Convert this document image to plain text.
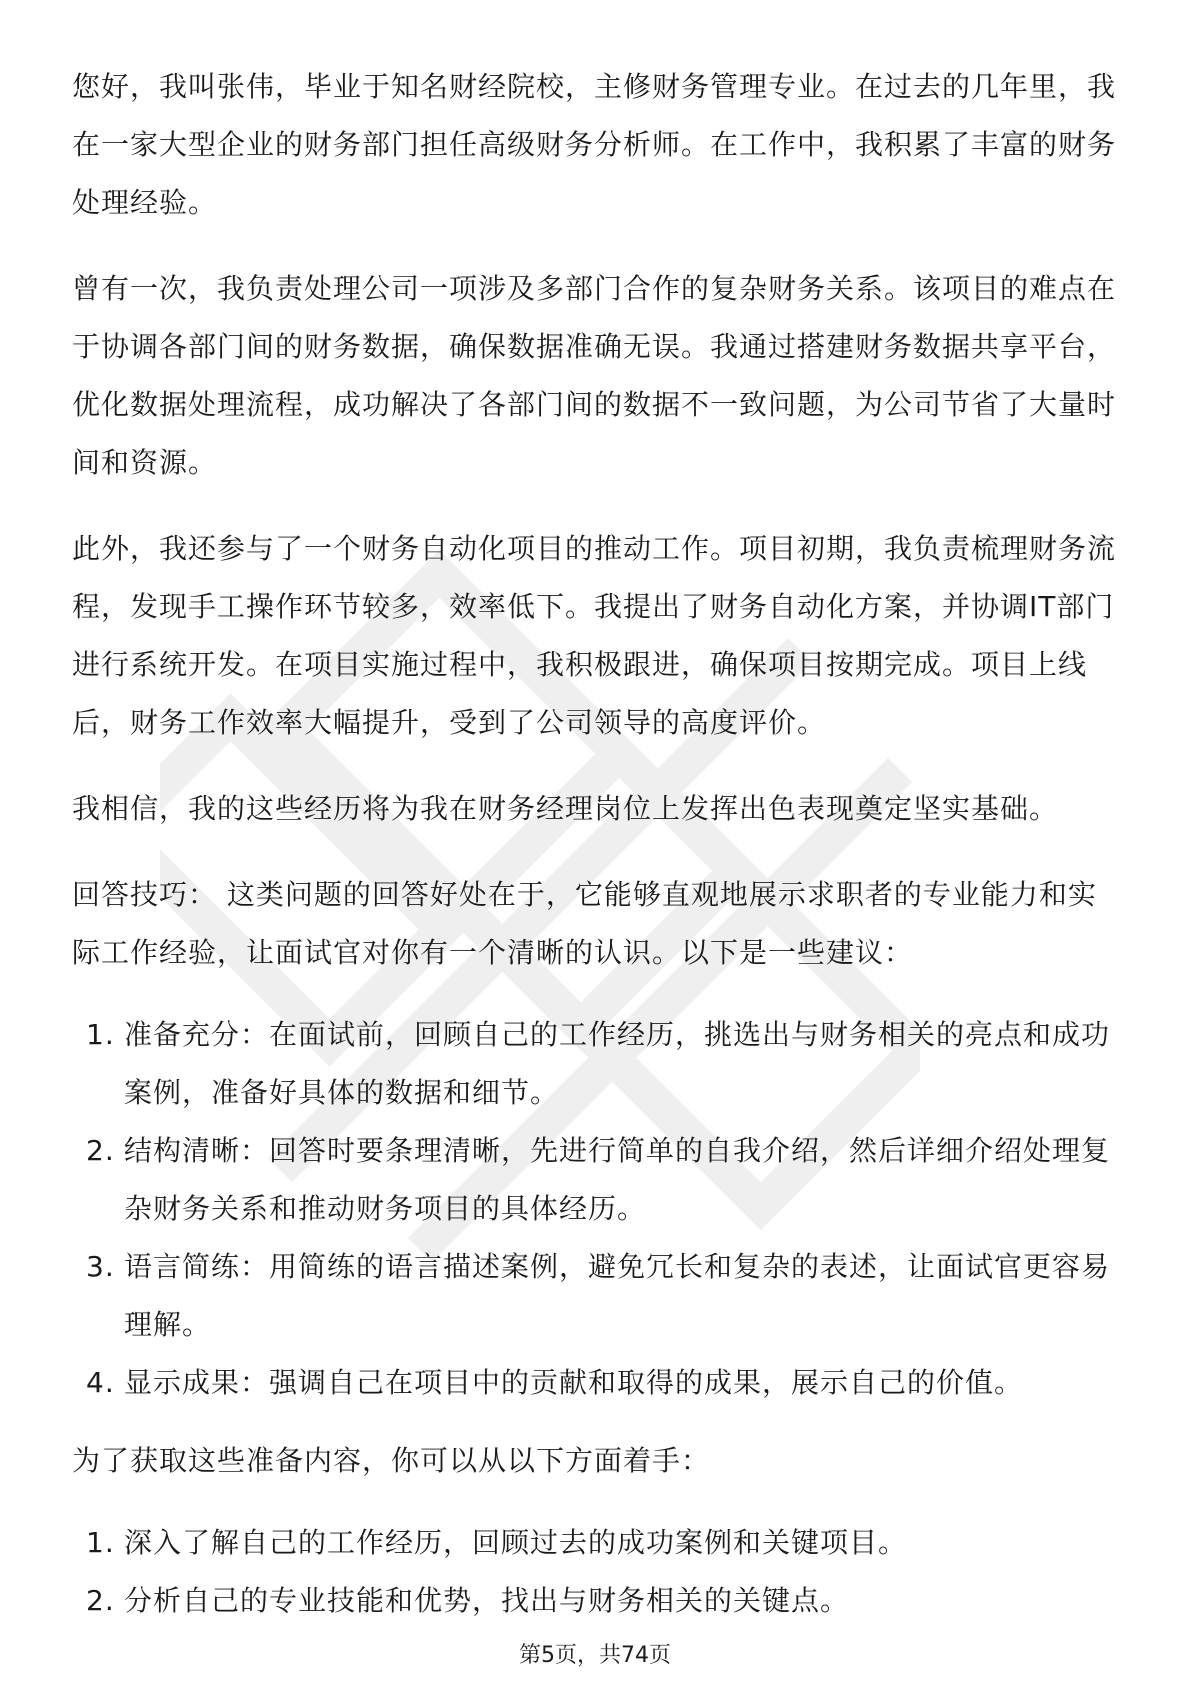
您好，我叫张伟，毕业于知名财经院校，主修财务管理专业。在过去的几年里，我在一家大型企业的财务部门担任高级财务分析师。在工作中，我积累了丰富的财务处理经验。

曾有一次，我负责处理公司一项涉及多部门合作的复杂财务关系。该项目的难点在于协调各部门间的财务数据，确保数据准确无误。我通过搭建财务数据共享平台，优化数据处理流程，成功解决了各部门间的数据不一致问题，为公司节省了大量时间和资源。

此外，我还参与了一个财务自动化项目的推动工作。项目初期，我负责梳理财务流程，发现手工操作环节较多，效率低下。我提出了财务自动化方案，并协调IT部门进行系统开发。在项目实施过程中，我积极跟进，确保项目按期完成。项目上线后，财务工作效率大幅提升，受到了公司领导的高度评价。

我相信，我的这些经历将为我在财务经理岗位上发挥出色表现奠定坚实基础。

回答技巧： 这类问题的回答好处在于，它能够直观地展示求职者的专业能力和实际工作经验，让面试官对你有一个清晰的认识。以下是一些建议：

1. 准备充分：在面试前，回顾自己的工作经历，挑选出与财务相关的亮点和成功案例，准备好具体的数据和细节。
2. 结构清晰：回答时要条理清晰，先进行简单的自我介绍，然后详细介绍处理复杂财务关系和推动财务项目的具体经历。
3. 语言简练：用简练的语言描述案例，避免冗长和复杂的表述，让面试官更容易理解。
4. 显示成果：强调自己在项目中的贡献和取得的成果，展示自己的价值。

为了获取这些准备内容，你可以从以下方面着手：

1. 深入了解自己的工作经历，回顾过去的成功案例和关键项目。
2. 分析自己的专业技能和优势，找出与财务相关的关键点。
第5页，共74页
